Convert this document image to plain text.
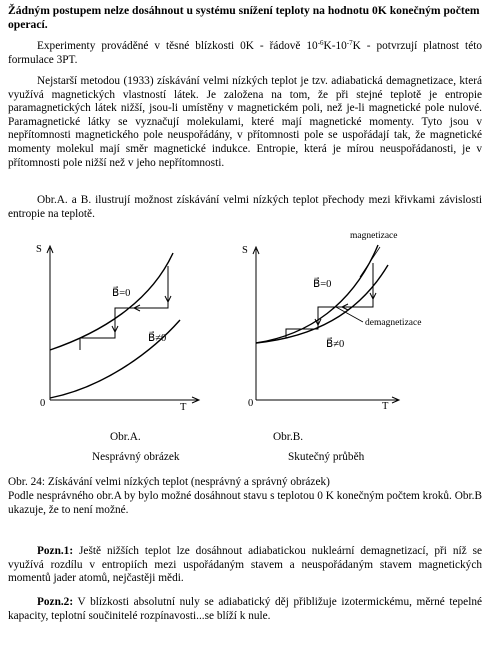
Žádným postupem nelze dosáhnout u systému snížení teploty na hodnotu 0K konečným počtem operací.
Experimenty prováděné v těsné blízkosti 0K - řádově $10^{-6}K-10^{-7}K$ - potvrzují platnost této formulace 3PT.
Nejstarší metodou (1933) získávání velmi nízkých teplot je tzv. adiabatická demagnetizace, která využívá magnetických vlastností látek. Je založena na tom, že při stejné teplotě je entropie paramagnetických látek nižší, jsou-li umístěny v magnetickém poli, než je-li magnetické pole nulové. Paramagnetické látky se vyznačují molekulami, které mají magnetické momenty. Tyto jsou v nepřítomnosti magnetického pole neuspořádány, v přítomnosti pole se uspořádají tak, že magnetické momenty molekul mají směr magnetické indukce. Entropie, která je mírou neuspořádanosti, je v přítomnosti pole nižší než v jeho nepřítomnosti.
Obr.A. a B. ilustrují možnost získávání velmi nízkých teplot přechody mezi křivkami závislosti entropie na teplotě.
S
T
0
B⃗=0
B⃗≠0
S
T
0
magnetizace
demagnetizace
B⃗=0
B⃗≠0
Obr.A.
Nesprávný obrázek
Obr.B.
Skutečný průběh
Obr. 24: Získávání velmi nízkých teplot (nesprávný a správný obrázek)
Podle nesprávného obr.A by bylo možné dosáhnout stavu s teplotou 0 K konečným počtem kroků. Obr.B ukazuje, že to není možné.
Pozn.1: Ještě nižších teplot lze dosáhnout adiabatickou nukleární demagnetizací, při níž se využívá rozdílu v entropiích mezi uspořádaným stavem a neuspořádaným stavem magnetických momentů jader atomů, nejčastěji mědi.
Pozn.2: V blízkosti absolutní nuly se adiabatický děj přibližuje izotermickému, měrné tepelné kapacity, teplotní součinitelé rozpínavosti...se blíží k nule.
